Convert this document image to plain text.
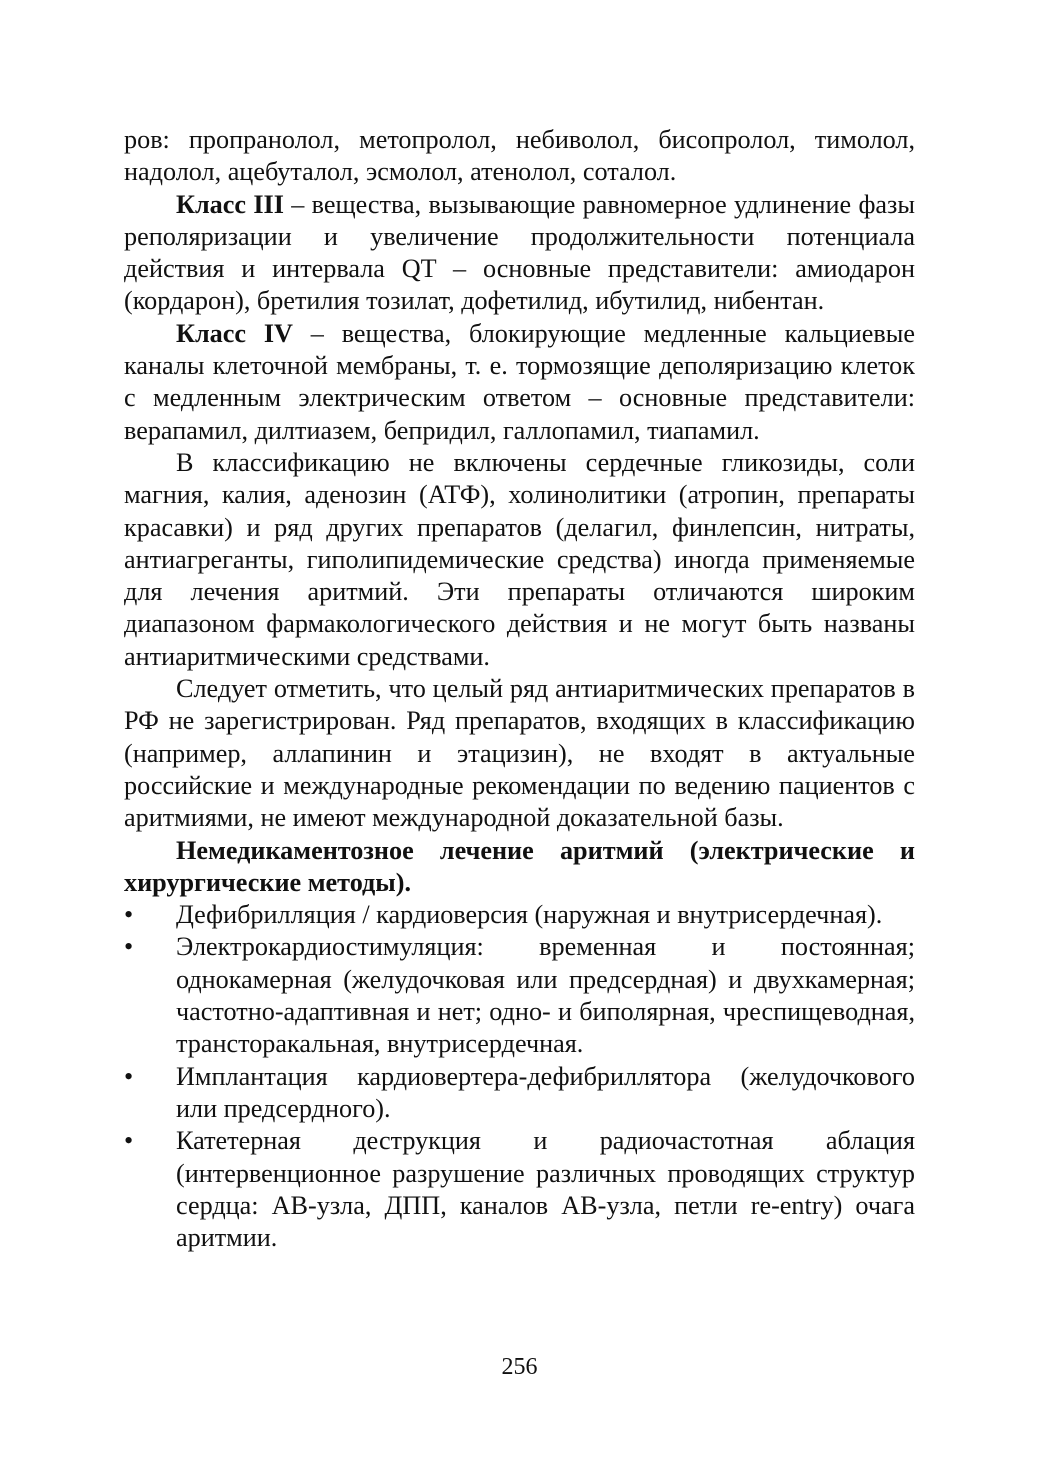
ров: пропранолол, метопролол, небиволол, бисопролол, тимолол, надолол, ацебуталол, эсмолол, атенолол, соталол.

Класс III – вещества, вызывающие равномерное удлинение фазы реполяризации и увеличение продолжительности потенциала действия и интервала QT – основные представители: амиодарон (кордарон), бретилия тозилат, дофетилид, ибутилид, нибентан.

Класс IV – вещества, блокирующие медленные кальциевые каналы клеточной мембраны, т. е. тормозящие деполяризацию клеток с медленным электрическим ответом – основные представители: верапамил, дилтиазем, бепридил, галлопамил, тиапамил.

В классификацию не включены сердечные гликозиды, соли магния, калия, аденозин (АТФ), холинолитики (атропин, препараты красавки) и ряд других препаратов (делагил, финлепсин, нитраты, антиагреганты, гиполипидемические средства) иногда применяемые для лечения аритмий. Эти препараты отличаются широким диапазоном фармакологического действия и не могут быть названы антиаритмическими средствами.

Следует отметить, что целый ряд антиаритмических препаратов в РФ не зарегистрирован. Ряд препаратов, входящих в классификацию (например, аллапинин и этацизин), не входят в актуальные российские и международные рекомендации по ведению пациентов с аритмиями, не имеют международной доказательной базы.

Немедикаментозное лечение аритмий (электрические и хирургические методы).

•	Дефибрилляция / кардиоверсия (наружная и внутрисердечная).
•	Электрокардиостимуляция: временная и постоянная; однокамерная (желудочковая или предсердная) и двухкамерная; частотно-адаптивная и нет; одно- и биполярная, чреспищеводная, трансторакальная, внутрисердечная.
•	Имплантация кардиовертера-дефибриллятора (желудочкового или предсердного).
•	Катетерная деструкция и радиочастотная аблация (интервенционное разрушение различных проводящих структур сердца: АВ-узла, ДПП, каналов АВ-узла, петли re-entry) очага аритмии.
256
